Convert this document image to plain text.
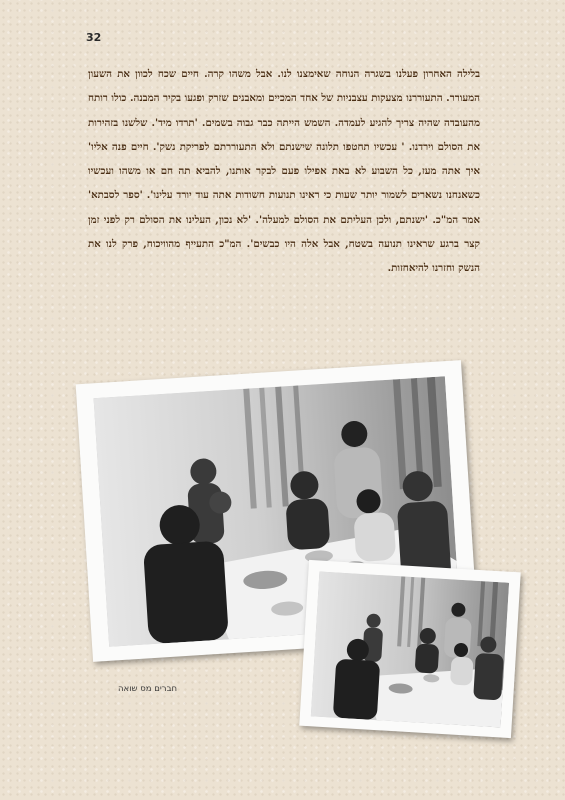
32
בלילה האחרון פעלנו בשגרה הנוחה שאימצנו לנו. אבל משהו קרה. חיים שכח לכוון את השעון המעורר. התעוררנו מצעקות עצבניות של אחד המכיים ומאבנים שזרק ופגעו בקיר המבנה. כולו רותח מהעובדה שהיה צריך להגיע לעמדה. השמש הייתה כבר גבוה בשמים. 'תרדו מיד'. שלשנו בזהירות את הסולם וירדנו. ' עכשיו תחטפו תלונה שישנתם ולא התעוררתם לפריקת נשק'. חיים פנה אליו' איך אתה מעז, כל השבוע לא באת אפילו פעם לבקר אותנו, להביא תה חם או משהו ועכשיו כשאנחנו נשארים לשמור יותר שעות כי ראינו תנועות חשודות אתה עוד יורד עלינו'. 'ספר לסבתא' אמר המ"כ. 'ישנתם, ולכן העליתם את הסולם למעלה'. 'לא נכון, העלינו את הסולם רק לפני זמן קצר ברגע שראינו תנועה בשטח, אבל אלה היו כבשים'. המ"כ התעייף מהוויכוח, פרק לנו את הנשק וחזרנו להיאחזות.
חברים מס שואה
